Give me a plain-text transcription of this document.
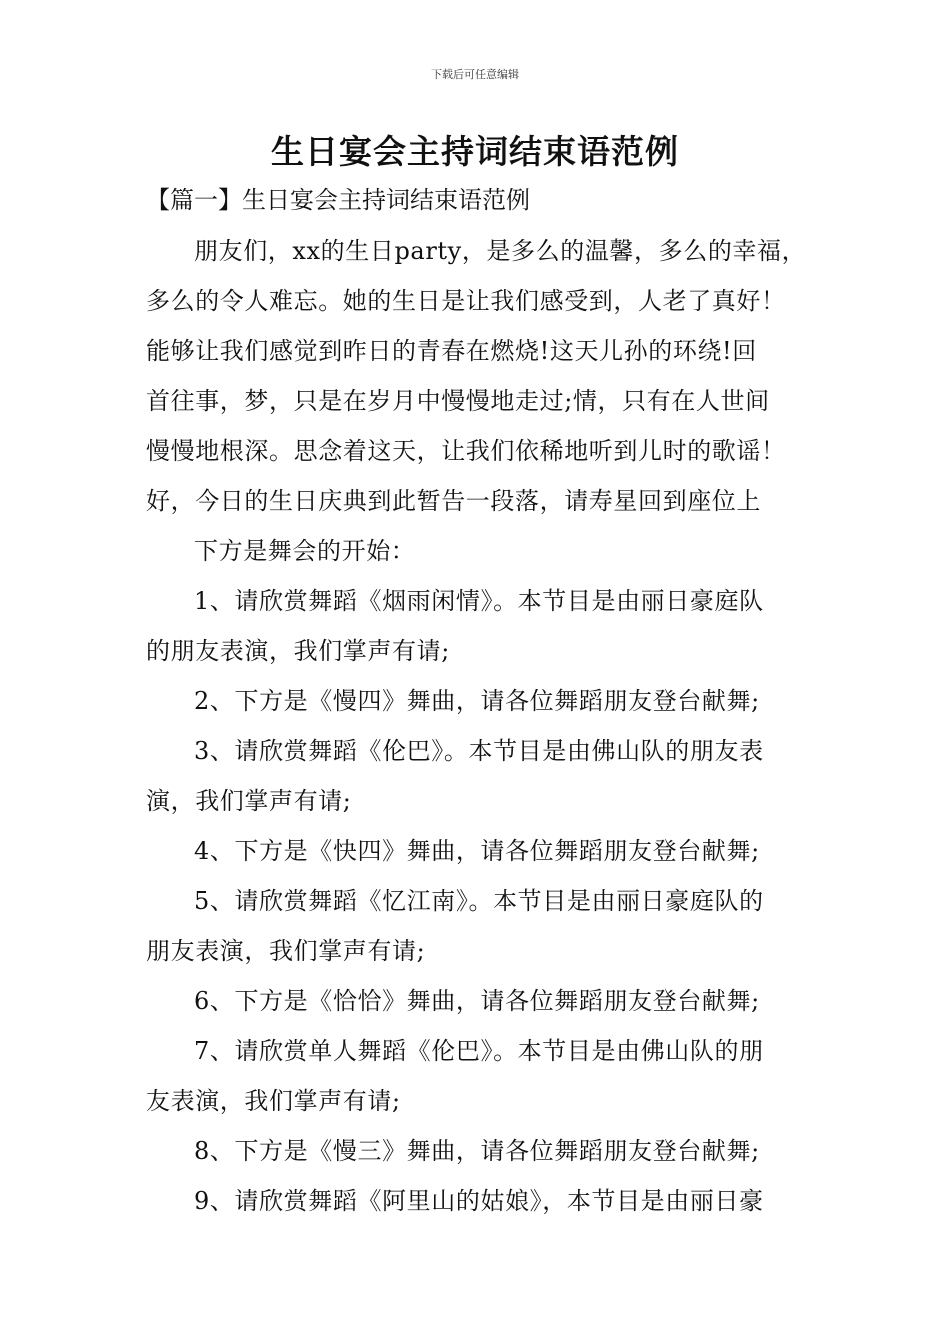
下载后可任意编辑
生日宴会主持词结束语范例
【篇一】生日宴会主持词结束语范例

朋友们，xx的生日party，是多么的温馨，多么的幸福，
多么的令人难忘。她的生日是让我们感受到，人老了真好！
能够让我们感觉到昨日的青春在燃烧!这天儿孙的环绕!回
首往事，梦，只是在岁月中慢慢地走过;情，只有在人世间
慢慢地根深。思念着这天，让我们依稀地听到儿时的歌谣！
好，今日的生日庆典到此暂告一段落，请寿星回到座位上

下方是舞会的开始：

1、请欣赏舞蹈《烟雨闲情》。本节目是由丽日豪庭队
的朋友表演，我们掌声有请;

2、下方是《慢四》舞曲，请各位舞蹈朋友登台献舞;

3、请欣赏舞蹈《伦巴》。本节目是由佛山队的朋友表
演，我们掌声有请;

4、下方是《快四》舞曲，请各位舞蹈朋友登台献舞;

5、请欣赏舞蹈《忆江南》。本节目是由丽日豪庭队的
朋友表演，我们掌声有请;

6、下方是《恰恰》舞曲，请各位舞蹈朋友登台献舞;

7、请欣赏单人舞蹈《伦巴》。本节目是由佛山队的朋
友表演，我们掌声有请;

8、下方是《慢三》舞曲，请各位舞蹈朋友登台献舞;

9、请欣赏舞蹈《阿里山的姑娘》，本节目是由丽日豪
